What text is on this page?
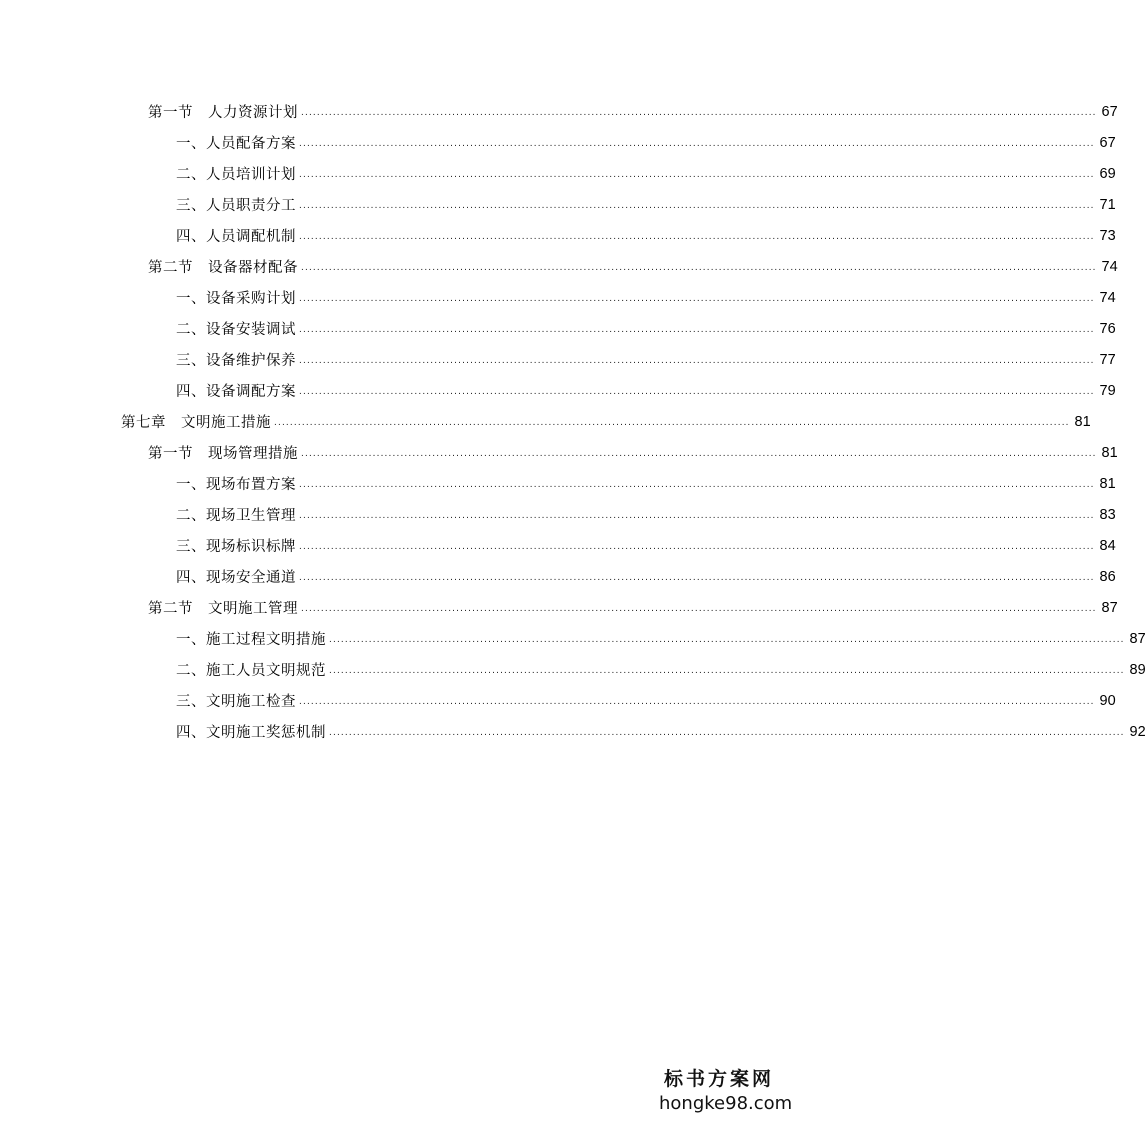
第一节　人力资源计划 ........................................................................................................................................................................................................ 67
一、人员配备方案 ........................................................................................................................................................................................................ 67
二、人员培训计划 ........................................................................................................................................................................................................ 69
三、人员职责分工 ........................................................................................................................................................................................................ 71
四、人员调配机制 ........................................................................................................................................................................................................ 73
第二节　设备器材配备 ........................................................................................................................................................................................................ 74
一、设备采购计划 ........................................................................................................................................................................................................ 74
二、设备安装调试 ........................................................................................................................................................................................................ 76
三、设备维护保养 ........................................................................................................................................................................................................ 77
四、设备调配方案 ........................................................................................................................................................................................................ 79
第七章　文明施工措施 ........................................................................................................................................................................................................ 81
第一节　现场管理措施 ........................................................................................................................................................................................................ 81
一、现场布置方案 ........................................................................................................................................................................................................ 81
二、现场卫生管理 ........................................................................................................................................................................................................ 83
三、现场标识标牌 ........................................................................................................................................................................................................ 84
四、现场安全通道 ........................................................................................................................................................................................................ 86
第二节　文明施工管理 ........................................................................................................................................................................................................ 87
一、施工过程文明措施 ........................................................................................................................................................................................................ 87
二、施工人员文明规范 ........................................................................................................................................................................................................ 89
三、文明施工检查 ........................................................................................................................................................................................................ 90
四、文明施工奖惩机制 ........................................................................................................................................................................................................ 92
标书方案网
hongke98.com
